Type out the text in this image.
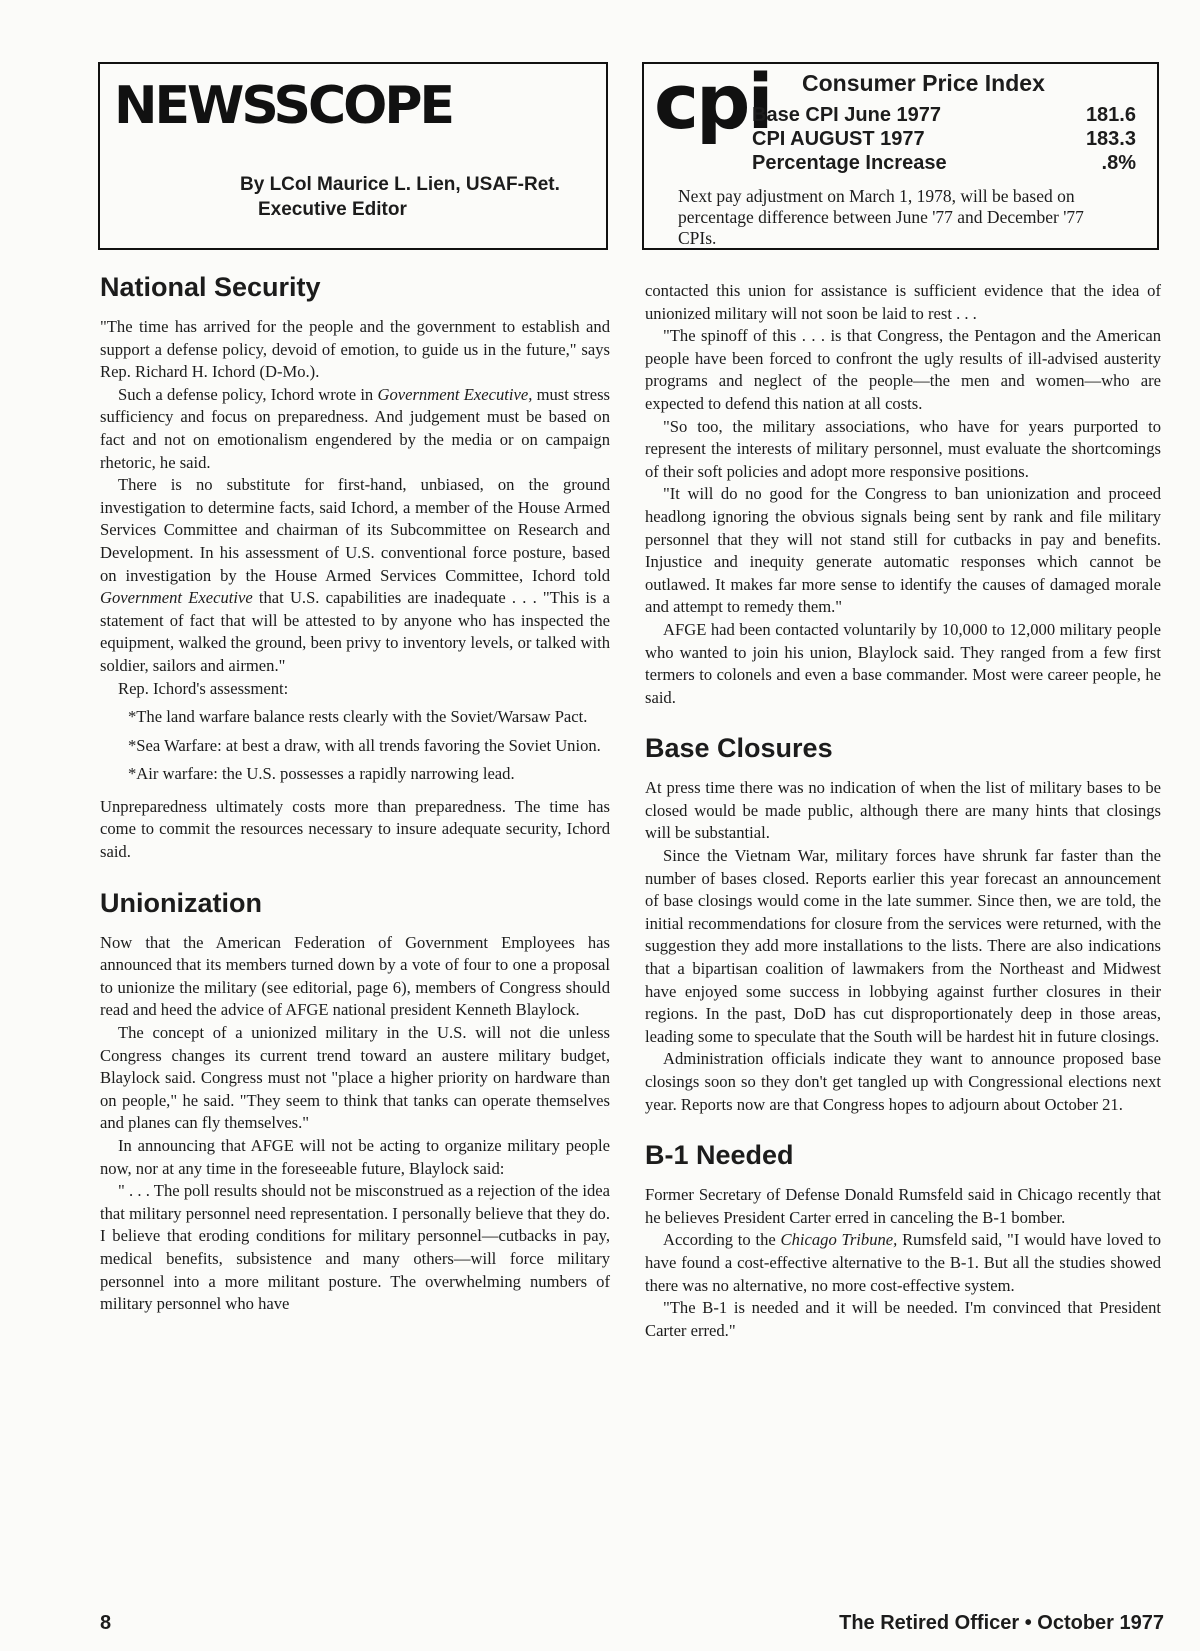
NEWSSCOPE
By LCol Maurice L. Lien, USAF-Ret.
Executive Editor
cpi Consumer Price Index
Base CPI June 1977	181.6
CPI AUGUST 1977	183.3
Percentage Increase	.8%
Next pay adjustment on March 1, 1978, will be based on percentage difference between June '77 and December '77 CPIs.
National Security

"The time has arrived for the people and the government to establish and support a defense policy, devoid of emotion, to guide us in the future," says Rep. Richard H. Ichord (D-Mo.).

Such a defense policy, Ichord wrote in Government Executive, must stress sufficiency and focus on preparedness. And judgement must be based on fact and not on emotionalism engendered by the media or on campaign rhetoric, he said.

There is no substitute for first-hand, unbiased, on the ground investigation to determine facts, said Ichord, a member of the House Armed Services Committee and chairman of its Subcommittee on Research and Development. In his assessment of U.S. conventional force posture, based on investigation by the House Armed Services Committee, Ichord told Government Executive that U.S. capabilities are inadequate . . . "This is a statement of fact that will be attested to by anyone who has inspected the equipment, walked the ground, been privy to inventory levels, or talked with soldier, sailors and airmen."

Rep. Ichord's assessment:

*The land warfare balance rests clearly with the Soviet/Warsaw Pact.

*Sea Warfare: at best a draw, with all trends favoring the Soviet Union.

*Air warfare: the U.S. possesses a rapidly narrowing lead.

Unpreparedness ultimately costs more than preparedness. The time has come to commit the resources necessary to insure adequate security, Ichord said.

Unionization

Now that the American Federation of Government Employees has announced that its members turned down by a vote of four to one a proposal to unionize the military (see editorial, page 6), members of Congress should read and heed the advice of AFGE national president Kenneth Blaylock.

The concept of a unionized military in the U.S. will not die unless Congress changes its current trend toward an austere military budget, Blaylock said. Congress must not "place a higher priority on hardware than on people," he said. "They seem to think that tanks can operate themselves and planes can fly themselves."

In announcing that AFGE will not be acting to organize military people now, nor at any time in the foreseeable future, Blaylock said:

" . . . The poll results should not be misconstrued as a rejection of the idea that military personnel need representation. I personally believe that they do. I believe that eroding conditions for military personnel—cutbacks in pay, medical benefits, subsistence and many others—will force military personnel into a more militant posture. The overwhelming numbers of military personnel who have

contacted this union for assistance is sufficient evidence that the idea of unionized military will not soon be laid to rest . . .

"The spinoff of this . . . is that Congress, the Pentagon and the American people have been forced to confront the ugly results of ill-advised austerity programs and neglect of the people—the men and women—who are expected to defend this nation at all costs.

"So too, the military associations, who have for years purported to represent the interests of military personnel, must evaluate the shortcomings of their soft policies and adopt more responsive positions.

"It will do no good for the Congress to ban unionization and proceed headlong ignoring the obvious signals being sent by rank and file military personnel that they will not stand still for cutbacks in pay and benefits. Injustice and inequity generate automatic responses which cannot be outlawed. It makes far more sense to identify the causes of damaged morale and attempt to remedy them."

AFGE had been contacted voluntarily by 10,000 to 12,000 military people who wanted to join his union, Blaylock said. They ranged from a few first termers to colonels and even a base commander. Most were career people, he said.

Base Closures

At press time there was no indication of when the list of military bases to be closed would be made public, although there are many hints that closings will be substantial.

Since the Vietnam War, military forces have shrunk far faster than the number of bases closed. Reports earlier this year forecast an announcement of base closings would come in the late summer. Since then, we are told, the initial recommendations for closure from the services were returned, with the suggestion they add more installations to the lists. There are also indications that a bipartisan coalition of lawmakers from the Northeast and Midwest have enjoyed some success in lobbying against further closures in their regions. In the past, DoD has cut disproportionately deep in those areas, leading some to speculate that the South will be hardest hit in future closings.

Administration officials indicate they want to announce proposed base closings soon so they don't get tangled up with Congressional elections next year. Reports now are that Congress hopes to adjourn about October 21.

B-1 Needed

Former Secretary of Defense Donald Rumsfeld said in Chicago recently that he believes President Carter erred in canceling the B-1 bomber.

According to the Chicago Tribune, Rumsfeld said, "I would have loved to have found a cost-effective alternative to the B-1. But all the studies showed there was no alternative, no more cost-effective system.

"The B-1 is needed and it will be needed. I'm convinced that President Carter erred."

8	The Retired Officer • October 1977
